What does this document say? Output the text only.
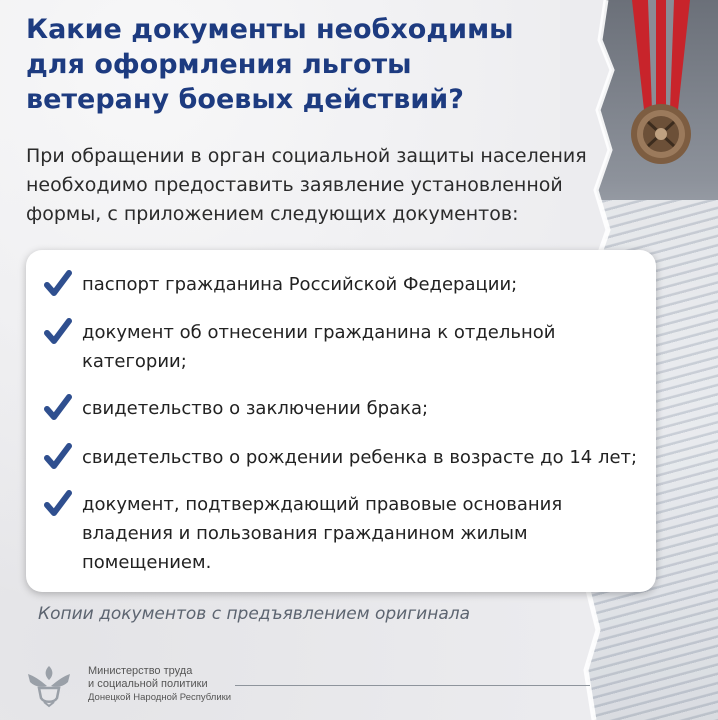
Какие документы необходимы
для оформления льготы
ветерану боевых действий?
При обращении в орган социальной защиты населения
необходимо предоставить заявление установленной
формы, с приложением следующих документов:
паспорт гражданина Российской Федерации;
документ об отнесении гражданина к отдельной
категории;
свидетельство о заключении брака;
свидетельство о рождении ребенка в возрасте до 14 лет;
документ, подтверждающий правовые основания
владения и пользования гражданином жилым
помещением.
Копии документов с предъявлением оригинала
Министерство труда
и социальной политики
Донецкой Народной Республики
